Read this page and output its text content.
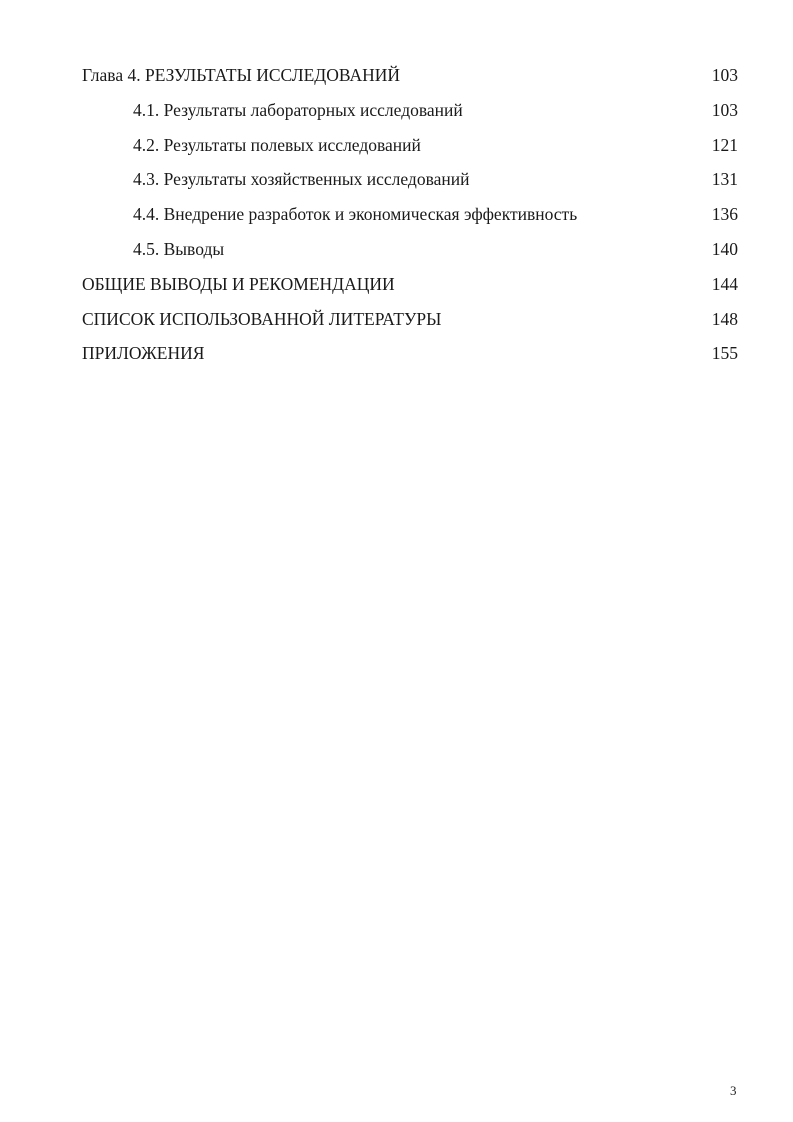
Глава 4. РЕЗУЛЬТАТЫ ИССЛЕДОВАНИЙ .....	103
4.1. Результаты лабораторных исследований .....	103
4.2. Результаты полевых исследований .....	121
4.3. Результаты хозяйственных исследований .....	131
4.4. Внедрение разработок и экономическая эффективность .....	136
4.5. Выводы .....	140
ОБЩИЕ ВЫВОДЫ И РЕКОМЕНДАЦИИ .....	144
СПИСОК ИСПОЛЬЗОВАННОЙ ЛИТЕРАТУРЫ .....	148
ПРИЛОЖЕНИЯ .....	155
3
